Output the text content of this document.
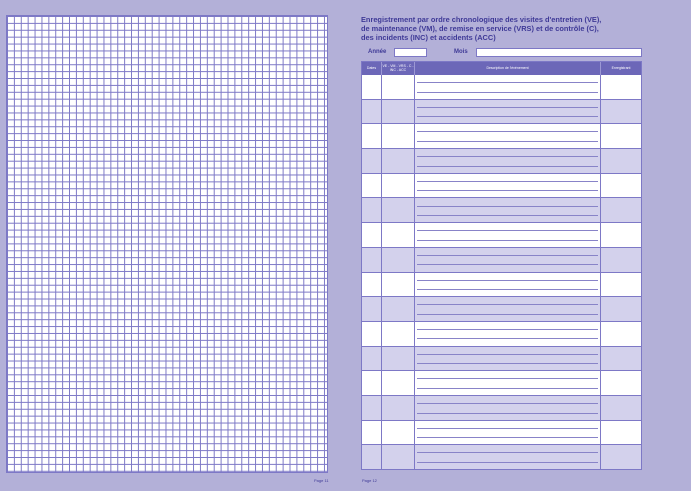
Page 11
Enregistrement par ordre chronologique des visites d'entretien (VE),
de maintenance (VM), de remise en service (VRS) et de contrôle (C),
des incidents (INC) et accidents (ACC)
Année	Mois
Dates	VE - VM - VRS - C - INC - ACC	Description de l'événement	Enregistrant
Page 12
